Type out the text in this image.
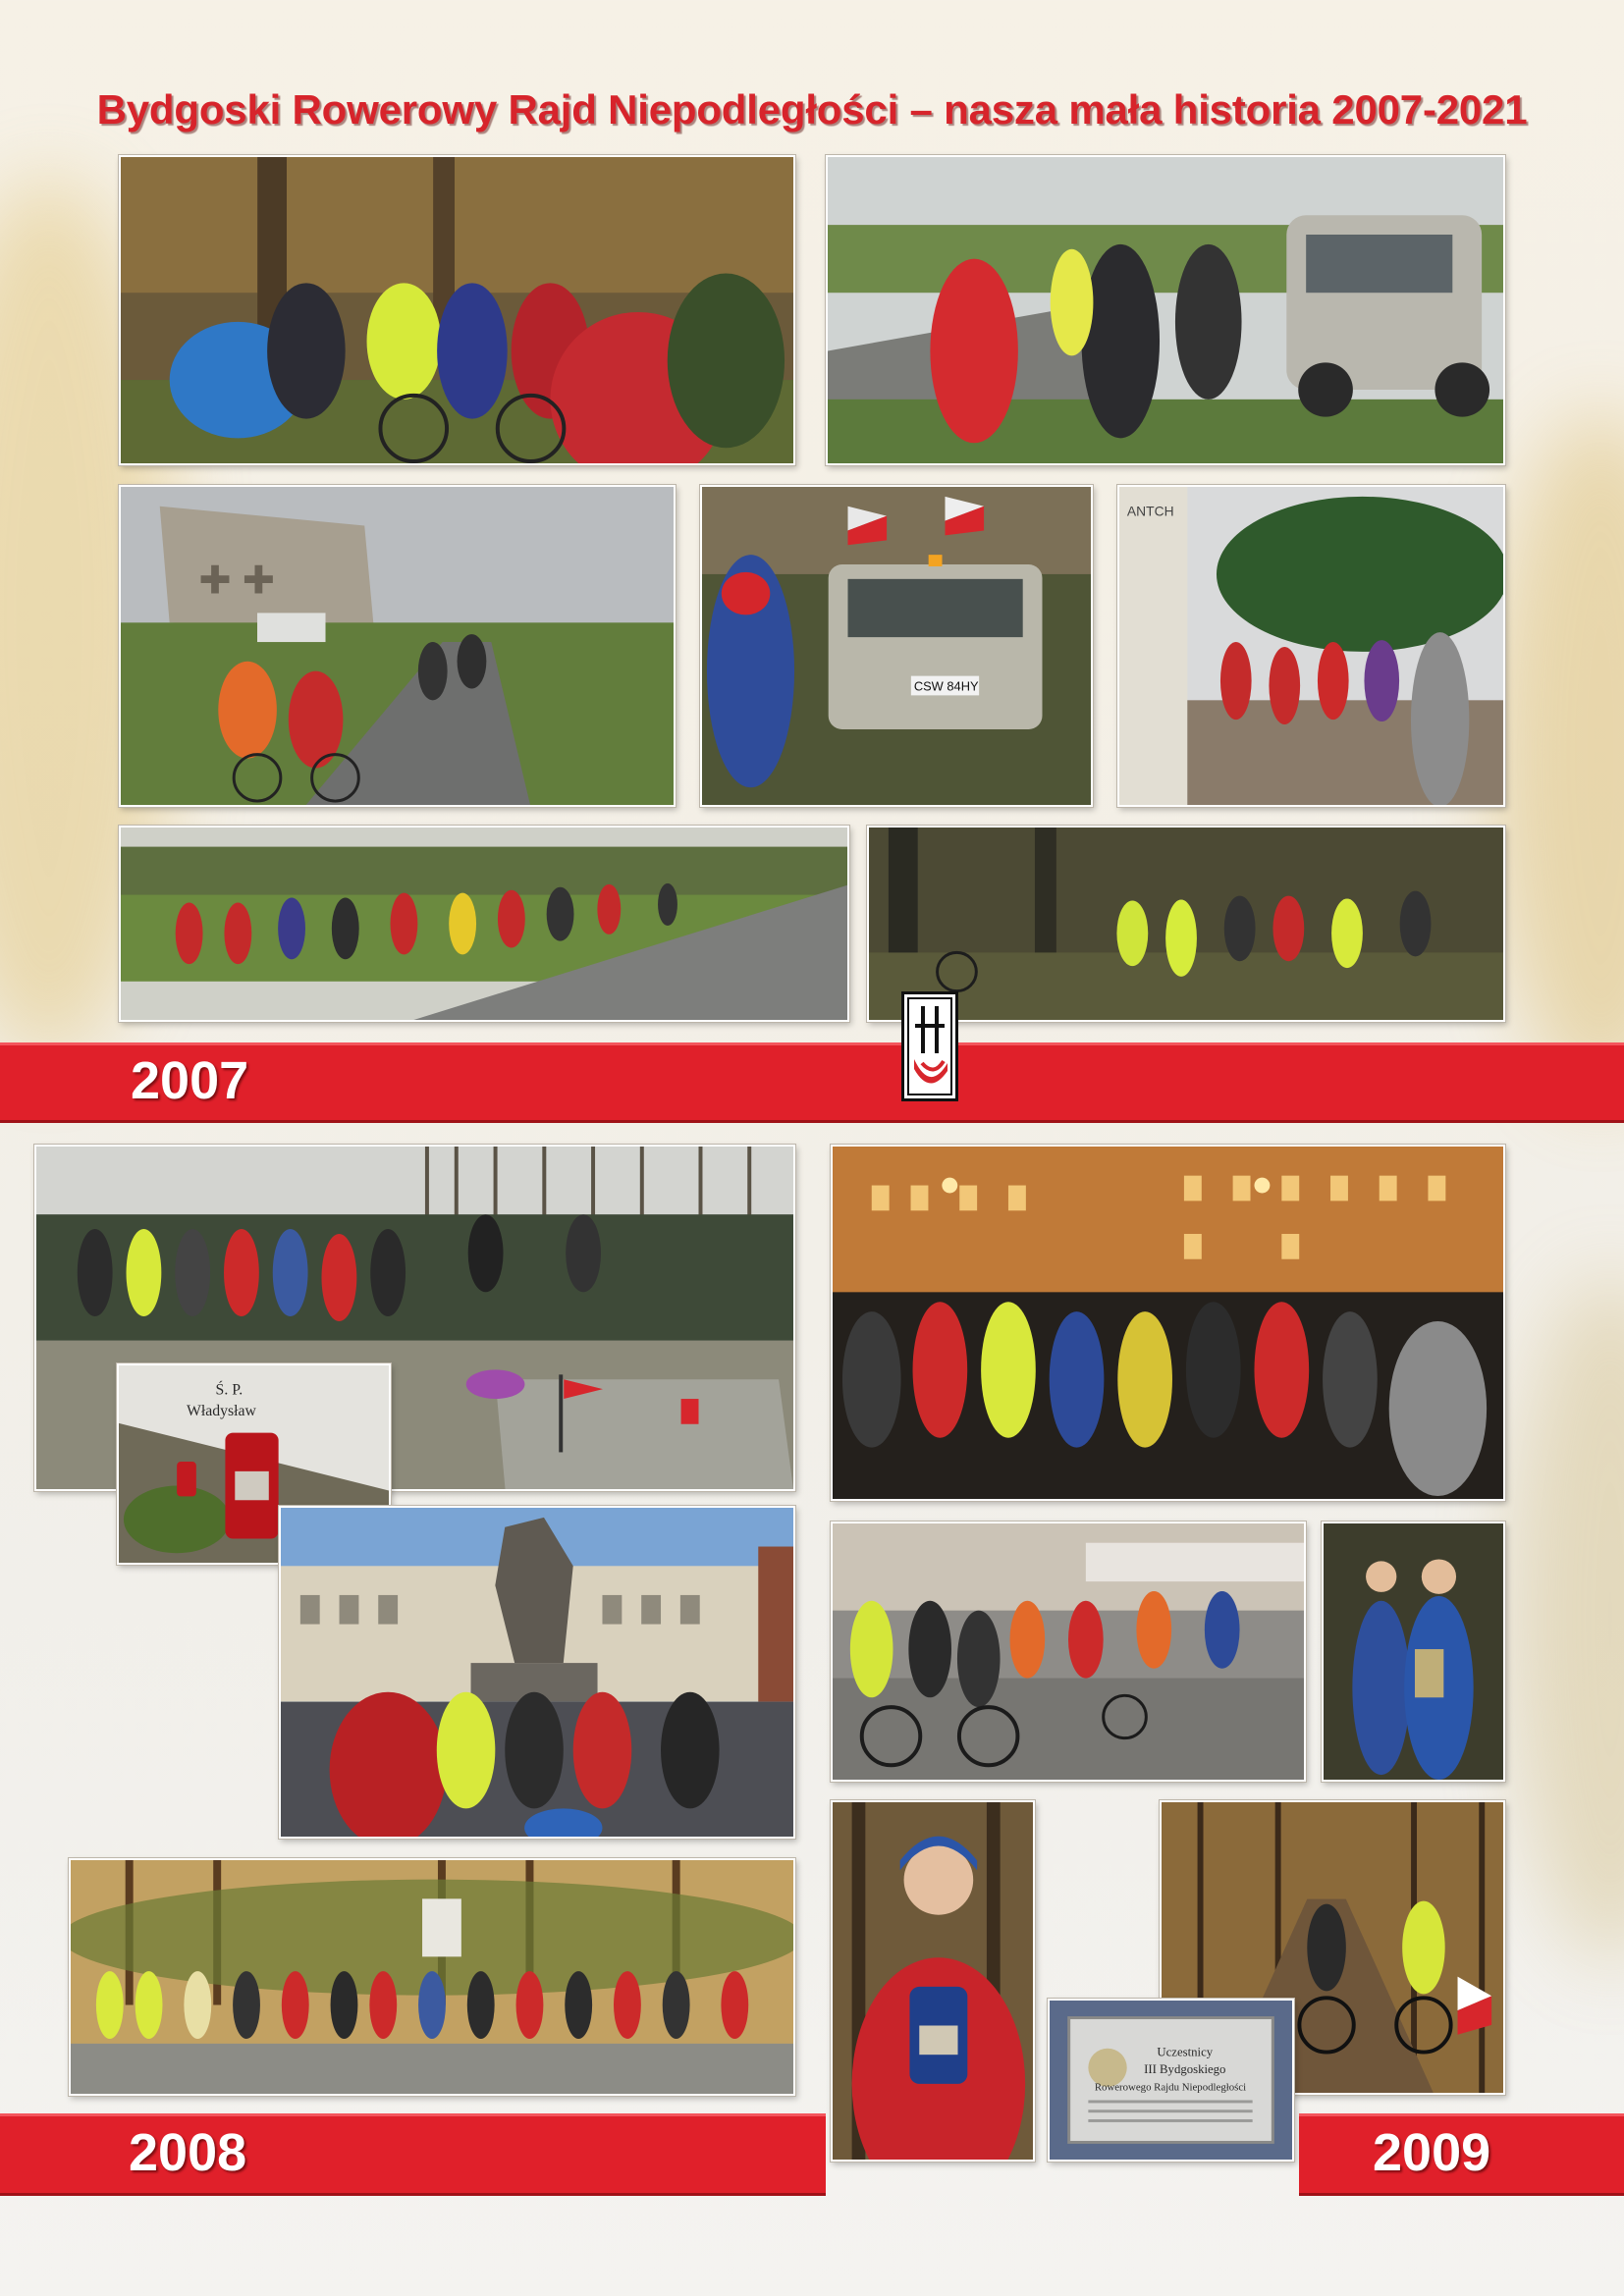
Bydgoski Rowerowy Rajd Niepodległości – nasza mała historia 2007-2021
✚ ✚
CSW 84HY
ANTCH
2007
Ś. P.
Władysław
Uczestnicy
III Bydgoskiego
Rowerowego Rajdu Niepodległości
2008	2009
